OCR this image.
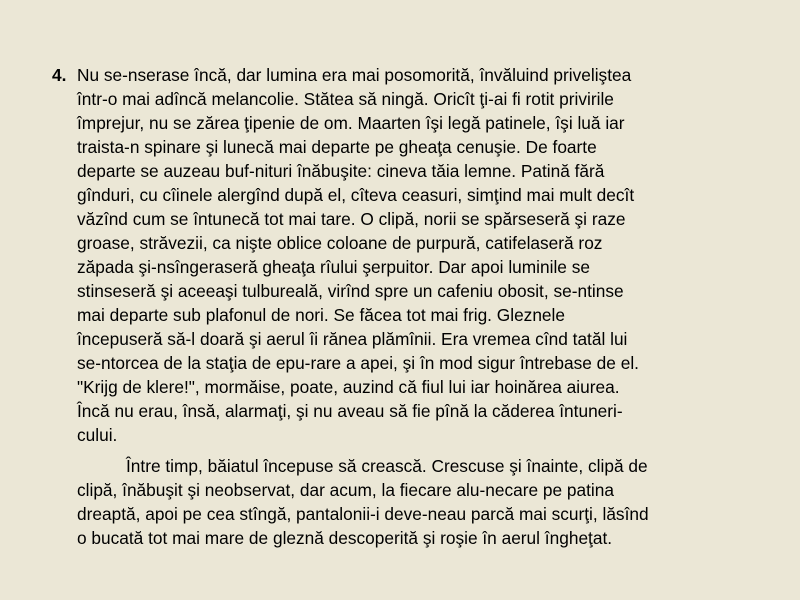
4. Nu se-nserase încă, dar lumina era mai posomorită, învăluind priveliştea
într-o mai adîncă melancolie. Stătea să ningă. Oricît ţi-ai fi rotit privirile
împrejur, nu se zărea ţipenie de om. Maarten îşi legă patinele, îşi luă iar
traista-n spinare şi lunecă mai departe pe gheaţa cenuşie. De foarte
departe se auzeau buf-nituri înăbuşite: cineva tăia lemne. Patină fără
gînduri, cu cîinele alergînd după el, cîteva ceasuri, simţind mai mult decît
văzînd cum se întunecă tot mai tare. O clipă, norii se spărseseră şi raze
groase, străvezii, ca nişte oblice coloane de purpură, catifelaseră roz
zăpada şi-nsîngeraseră gheaţa rîului şerpuitor. Dar apoi luminile se
stinseseră şi aceeaşi tulbureală, virînd spre un cafeniu obosit, se-ntinse
mai departe sub plafonul de nori. Se făcea tot mai frig. Gleznele
începuseră să-l doară şi aerul îi rănea plămînii. Era vremea cînd tatăl lui
se-ntorcea de la staţia de epu-rare a apei, şi în mod sigur întrebase de el.
"Krijg de klere!", mormăise, poate, auzind că fiul lui iar hoinărea aiurea.
Încă nu erau, însă, alarmaţi, şi nu aveau să fie pînă la căderea întuneri-
cului.
Între timp, băiatul începuse să crească. Crescuse şi înainte, clipă de
clipă, înăbuşit şi neobservat, dar acum, la fiecare alu-necare pe patina
dreaptă, apoi pe cea stîngă, pantalonii-i deve-neau parcă mai scurţi, lăsînd
o bucată tot mai mare de gleznă descoperită şi roşie în aerul îngheţat.
